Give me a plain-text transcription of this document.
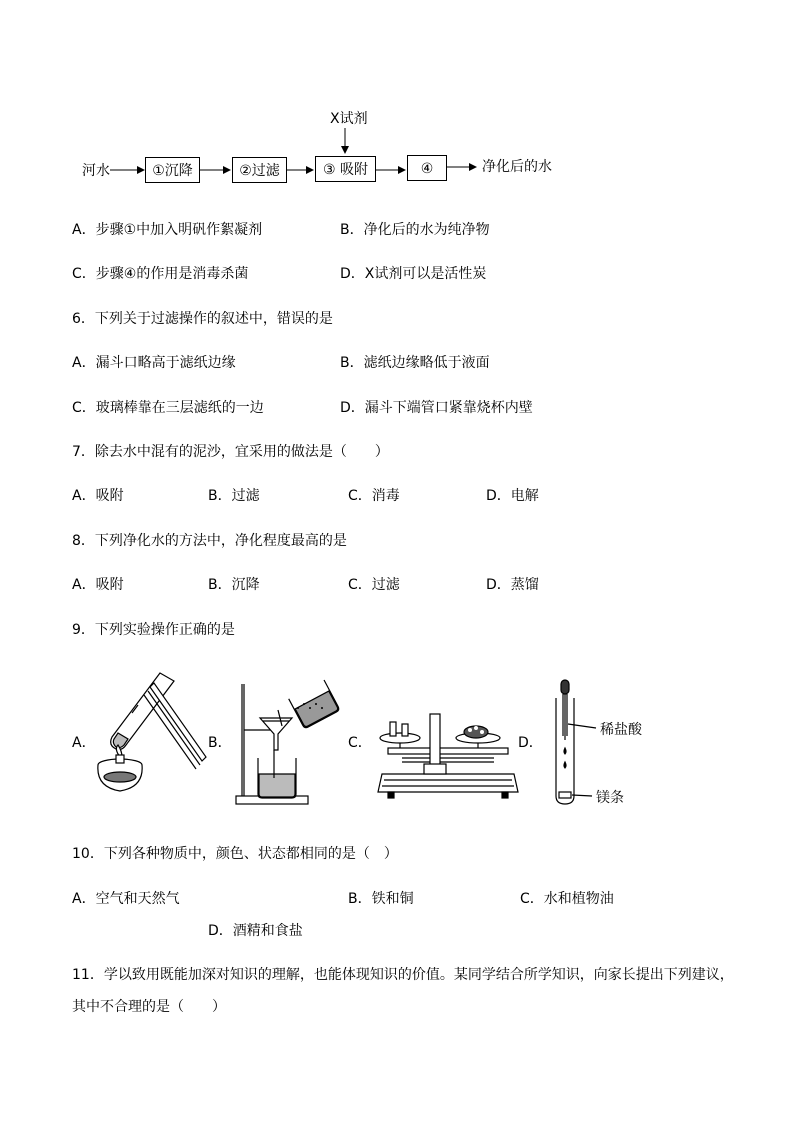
X试剂
河水	①沉降	②过滤	③ 吸附	④	净化后的水
A．步骤①中加入明矾作絮凝剂	B．净化后的水为纯净物
C．步骤④的作用是消毒杀菌	D．X试剂可以是活性炭
6．下列关于过滤操作的叙述中，错误的是
A．漏斗口略高于滤纸边缘	B．滤纸边缘略低于液面
C．玻璃棒靠在三层滤纸的一边	D．漏斗下端管口紧靠烧杯内壁
7．除去水中混有的泥沙，宜采用的做法是（　　）
A．吸附	B．过滤	C．消毒	D．电解
8．下列净化水的方法中，净化程度最高的是
A．吸附	B．沉降	C．过滤	D．蒸馏
9．下列实验操作正确的是
A．	B．	C．	D．
稀盐酸
镁条
10．下列各种物质中，颜色、状态都相同的是（　）
A．空气和天然气	B．铁和铜	C．水和植物油
D．酒精和食盐
11．学以致用既能加深对知识的理解，也能体现知识的价值。某同学结合所学知识，向家长提出下列建议，
其中不合理的是（　　）
